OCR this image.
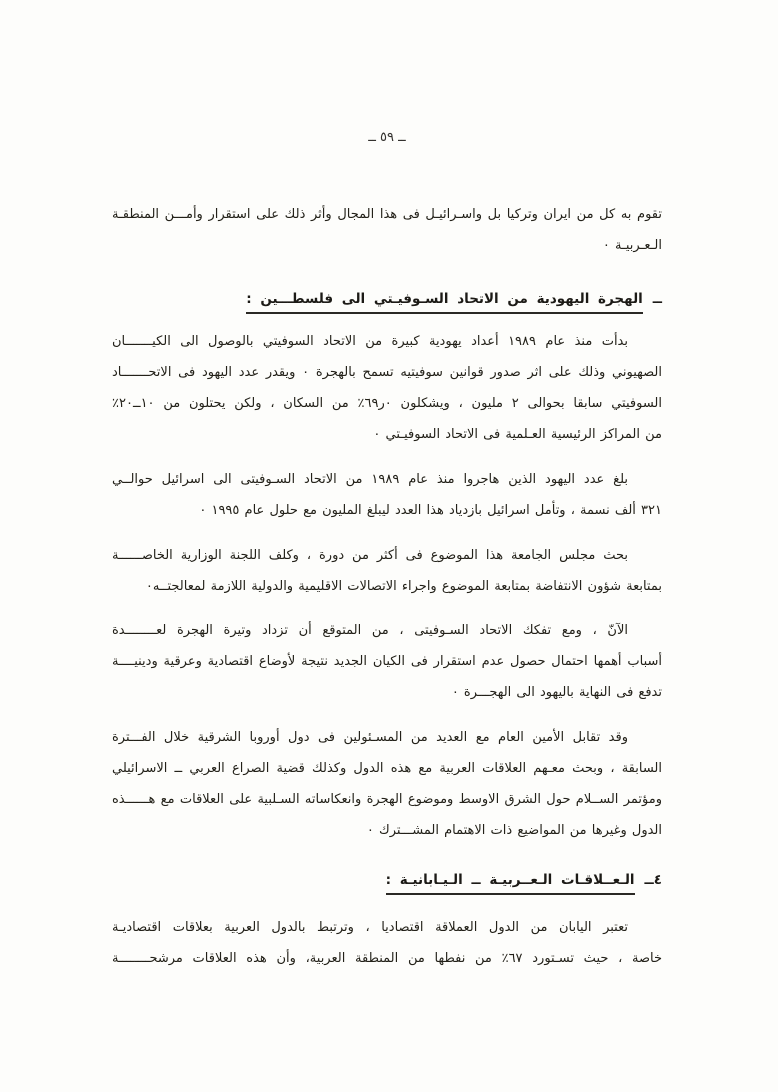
ــ ٥٩ ــ
تقوم به كل من ايران وتركيا بل واسـرائيـل فى هذا المجال وأثر ذلك على استقرار وأمـــن المنطقـة
الـعـربيـة ٠
ــالهجرة اليهودية من الاتحاد السـوفيـتي الى فلسطـــين :
بدأت منذ عام ١٩٨٩ أعداد يهودية كبيرة من الاتحاد السوفيتي بالوصول الى الكيـــــــان
الصهيوني وذلك على اثر صدور قوانين سوفيتيه تسمح بالهجرة ٠ ويقدر عدد اليهود فى الاتحـــــــاد
السوفيتي سابقا بحوالى ٢ مليون ، ويشكلون ٠ر٦٩٪ من السكان ، ولكن يحتلون من ١٠ــ٢٠٪
من المراكز الرئيسية العـلمية فى الاتحاد السوفيـتي ٠
بلغ عدد اليهود الذين هاجروا منذ عام ١٩٨٩ من الاتحاد السـوفيتى الى اسرائيل حوالــي
٣٢١ ألف نسمة ، وتأمل اسرائيل بازدياد هذا العدد ليبلغ المليون مع حلول عام ١٩٩٥ ٠
بحث مجلس الجامعة هذا الموضوع فى أكثر من دورة ، وكلف اللجنة الوزارية الخاصــــــة
بمتابعة شؤون الانتفاضة بمتابعة الموضوع واجراء الاتصالات الاقليمية والدولية اللازمة لمعالجتــه٠
الآنّ ، ومع تفكك الاتحاد السـوفيتى ، من المتوقع أن تزداد وتيرة الهجرة لعــــــــدة
أسباب أهمها احتمال حصول عدم استقرار فى الكيان الجديد نتيجة لأوضاع اقتصادية وعرقية ودينيــــة
تدفع فى النهاية باليهود الى الهجـــرة ٠
وقد تقابل الأمين العام مع العديد من المسـئولين فى دول أوروبا الشرقية خلال الفـــترة
السابقة ، وبحث معـهم العلاقات العربية مع هذه الدول وكذلك قضية الصراع العربي ــ الاسرائيلي
ومؤتمر الســلام حول الشرق الاوسط وموضوع الهجرة وانعكاساته السـلبية على العلاقات مع هــــــذه
الدول وغيرها من المواضيع ذات الاهتمام المشـــترك ٠
٤ــالـعــلاقـات الـعــربيـة ــ الـيـابانيـة :
تعتبر اليابان من الدول العملاقة اقتصاديا ، وترتبط بالدول العربية بعلاقات اقتصاديـة
خاصة ، حيث تسـتورد ٦٧٪ من نفطها من المنطقة العربية، وأن هذه العلاقات مرشحــــــــة
